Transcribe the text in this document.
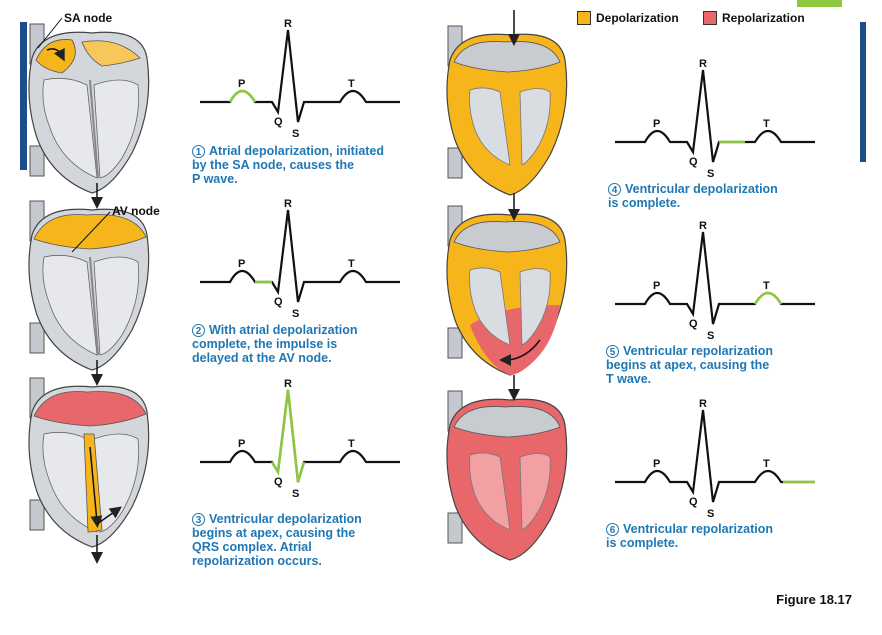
Depolarization	Repolarization
P
R
T
Q
S
P
R
T
Q
S
P
R
T
Q
S
P
R
T
Q
S
P
R
T
Q
S
P
R
T
Q
S
SA node
AV node
1 Atrial depolarization, initiated
by the SA node, causes the
P wave.
2 With atrial depolarization
complete, the impulse is
delayed at the AV node.
3 Ventricular depolarization
begins at apex, causing the
QRS complex. Atrial
repolarization occurs.
4 Ventricular depolarization
is complete.
5 Ventricular repolarization
begins at apex, causing the
T wave.
6 Ventricular repolarization
is complete.
Figure 18.17
